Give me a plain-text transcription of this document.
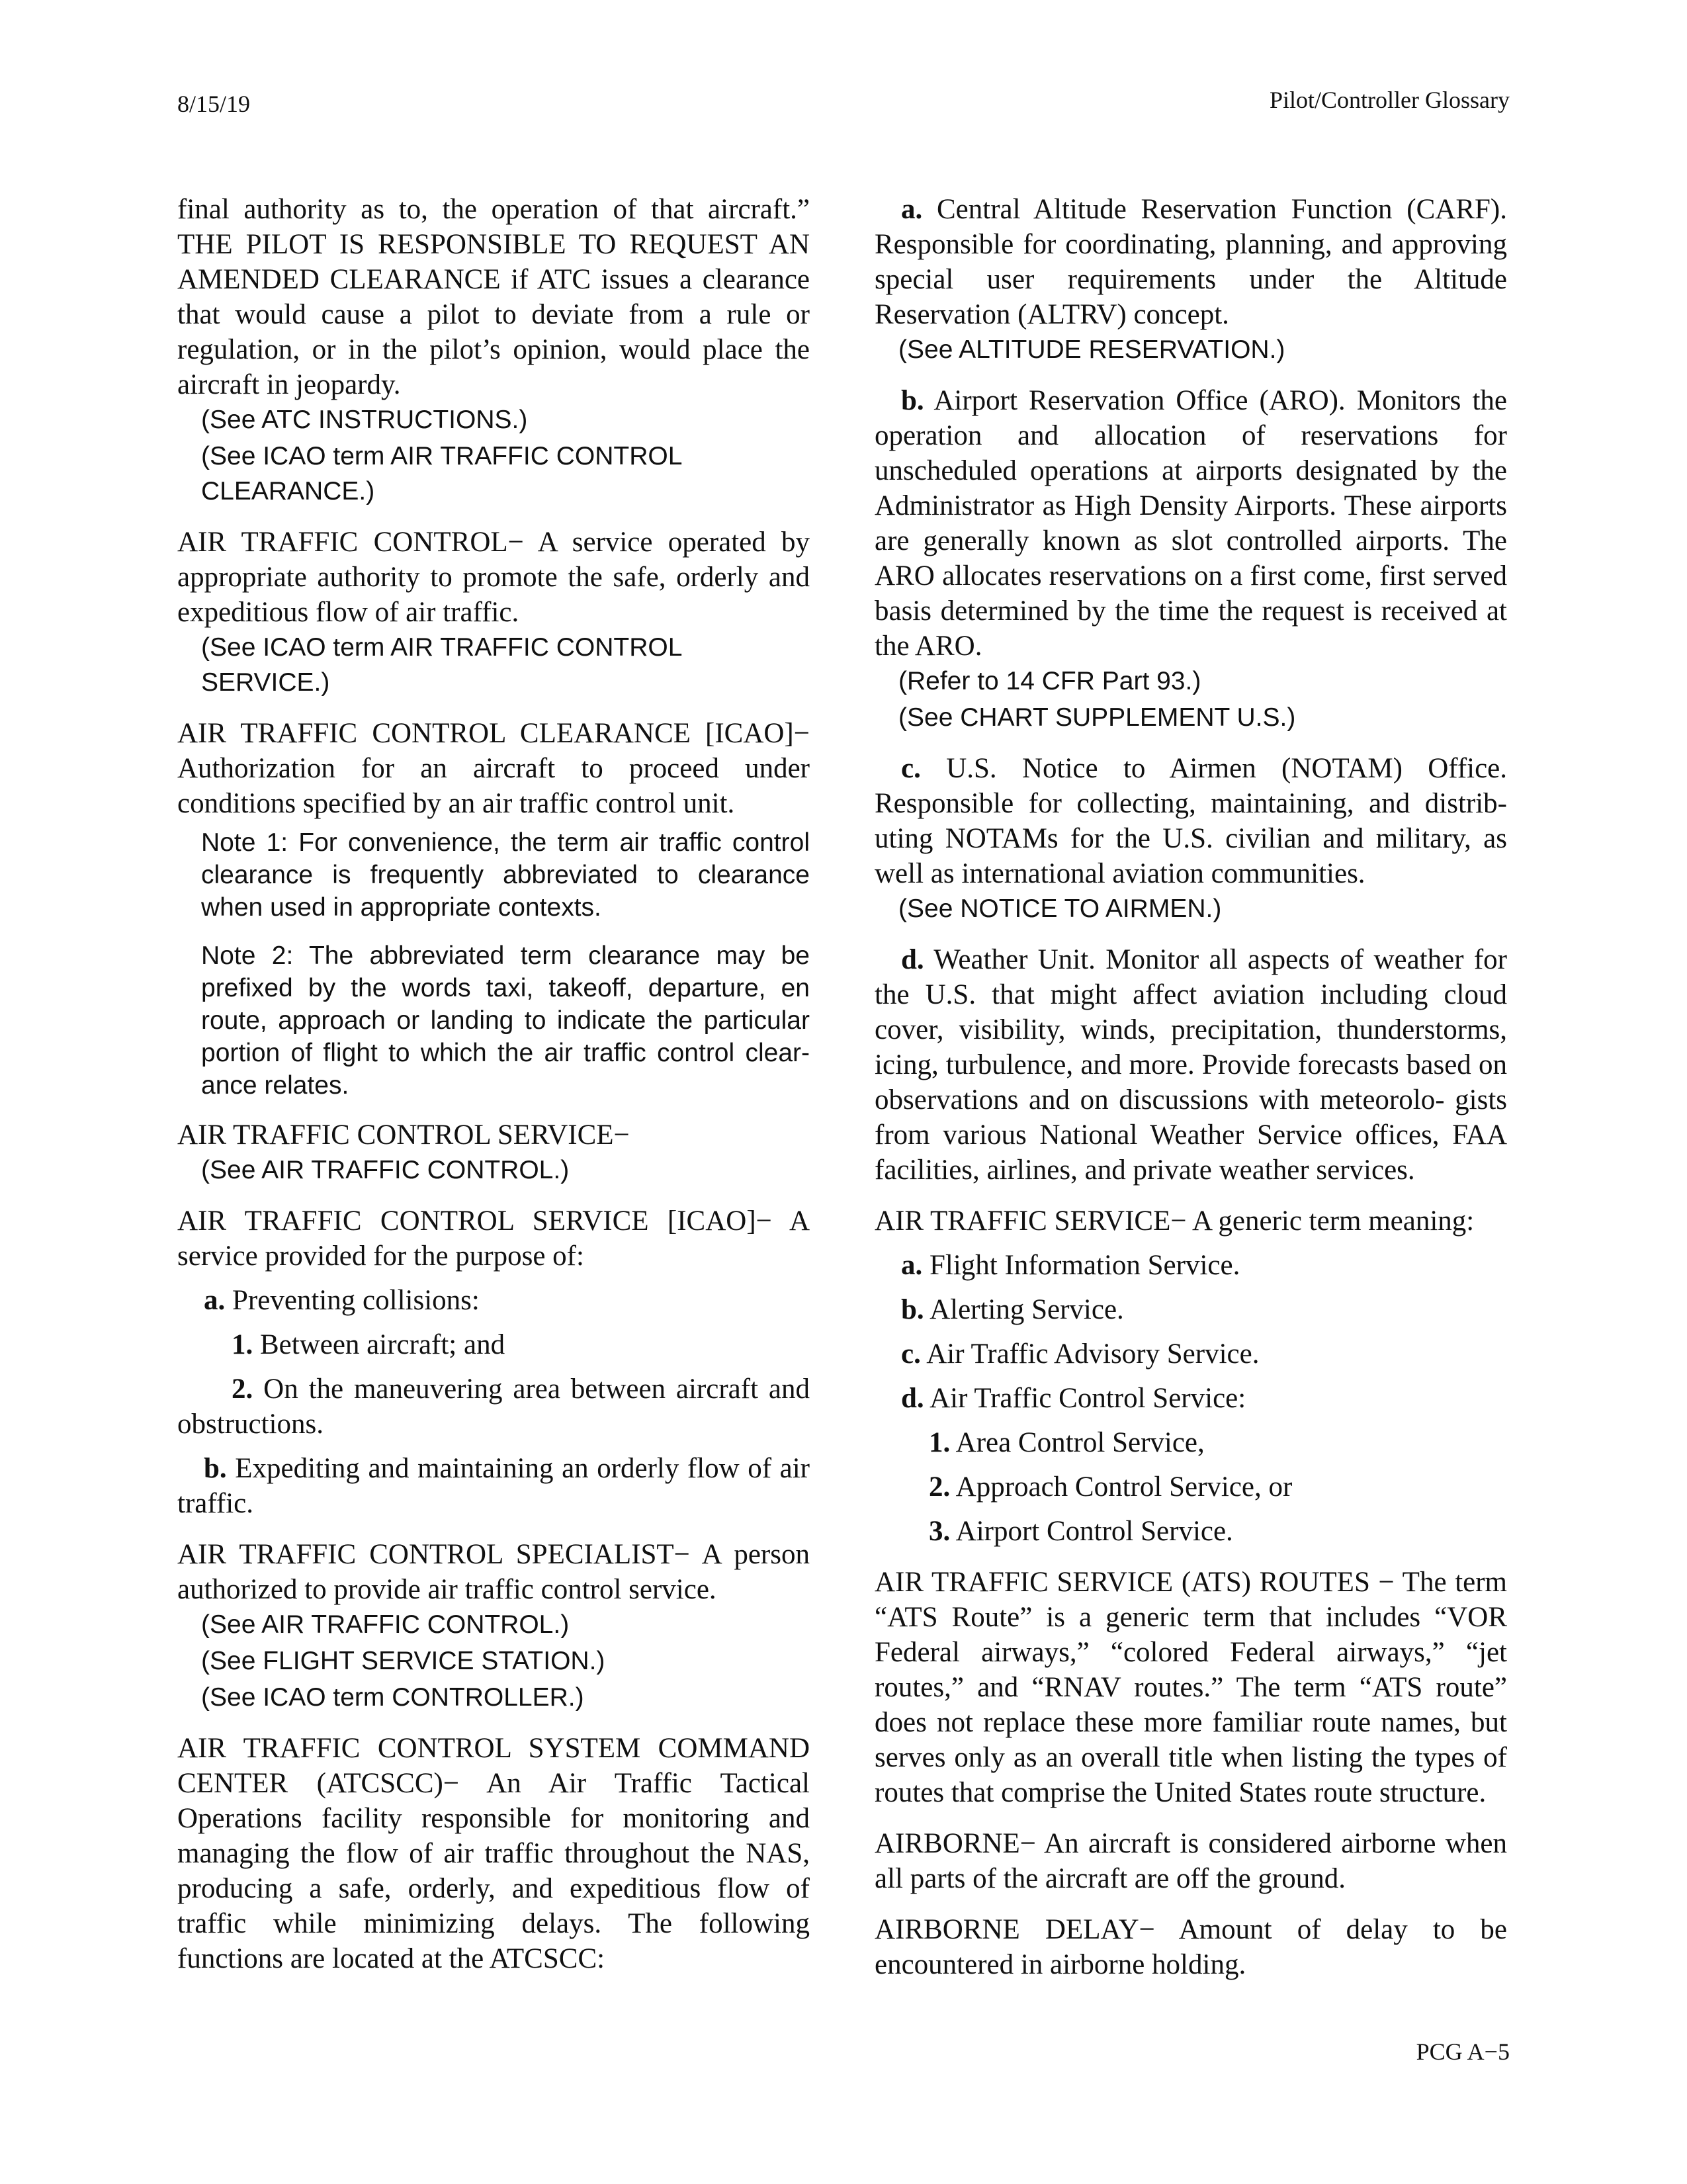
8/15/19	Pilot/Controller Glossary

final authority as to, the operation of that aircraft.” THE PILOT IS RESPONSIBLE TO REQUEST AN AMENDED CLEARANCE if ATC issues a clearance that would cause a pilot to deviate from a rule or regulation, or in the pilot’s opinion, would place the aircraft in jeopardy.

(See ATC INSTRUCTIONS.)

(See ICAO term AIR TRAFFIC CONTROL CLEARANCE.)

AIR TRAFFIC CONTROL− A service operated by appropriate authority to promote the safe, orderly and expeditious flow of air traffic.

(See ICAO term AIR TRAFFIC CONTROL SERVICE.)

AIR TRAFFIC CONTROL CLEARANCE [ICAO]− Authorization for an aircraft to proceed under conditions specified by an air traffic control unit.

Note 1: For convenience, the term air traffic control clearance is frequently abbreviated to clearance when used in appropriate contexts.

Note 2: The abbreviated term clearance may be prefixed by the words taxi, takeoff, departure, en route, approach or landing to indicate the particular portion of flight to which the air traffic control clear- ance relates.

AIR TRAFFIC CONTROL SERVICE−

(See AIR TRAFFIC CONTROL.)

AIR TRAFFIC CONTROL SERVICE [ICAO]− A service provided for the purpose of:

a. Preventing collisions:

1. Between aircraft; and

2. On the maneuvering area between aircraft and obstructions.

b. Expediting and maintaining an orderly flow of air traffic.

AIR TRAFFIC CONTROL SPECIALIST− A person authorized to provide air traffic control service.

(See AIR TRAFFIC CONTROL.)

(See FLIGHT SERVICE STATION.)

(See ICAO term CONTROLLER.)

AIR TRAFFIC CONTROL SYSTEM COMMAND CENTER (ATCSCC)− An Air Traffic Tactical Operations facility responsible for monitoring and managing the flow of air traffic throughout the NAS, producing a safe, orderly, and expeditious flow of traffic while minimizing delays. The following functions are located at the ATCSCC:

a. Central Altitude Reservation Function (CARF). Responsible for coordinating, planning, and approving special user requirements under the Altitude Reservation (ALTRV) concept.

(See ALTITUDE RESERVATION.)

b. Airport Reservation Office (ARO). Monitors the operation and allocation of reservations for unscheduled operations at airports designated by the Administrator as High Density Airports. These airports are generally known as slot controlled airports. The ARO allocates reservations on a first come, first served basis determined by the time the request is received at the ARO.

(Refer to 14 CFR Part 93.)

(See CHART SUPPLEMENT U.S.)

c. U.S. Notice to Airmen (NOTAM) Office. Responsible for collecting, maintaining, and distrib- uting NOTAMs for the U.S. civilian and military, as well as international aviation communities.

(See NOTICE TO AIRMEN.)

d. Weather Unit. Monitor all aspects of weather for the U.S. that might affect aviation including cloud cover, visibility, winds, precipitation, thunderstorms, icing, turbulence, and more. Provide forecasts based on observations and on discussions with meteorolo- gists from various National Weather Service offices, FAA facilities, airlines, and private weather services.

AIR TRAFFIC SERVICE− A generic term meaning:

a. Flight Information Service.

b. Alerting Service.

c. Air Traffic Advisory Service.

d. Air Traffic Control Service:

1. Area Control Service,

2. Approach Control Service, or

3. Airport Control Service.

AIR TRAFFIC SERVICE (ATS) ROUTES − The term “ATS Route” is a generic term that includes “VOR Federal airways,” “colored Federal airways,” “jet routes,” and “RNAV routes.” The term “ATS route” does not replace these more familiar route names, but serves only as an overall title when listing the types of routes that comprise the United States route structure.

AIRBORNE− An aircraft is considered airborne when all parts of the aircraft are off the ground.

AIRBORNE DELAY− Amount of delay to be encountered in airborne holding.

PCG A−5
